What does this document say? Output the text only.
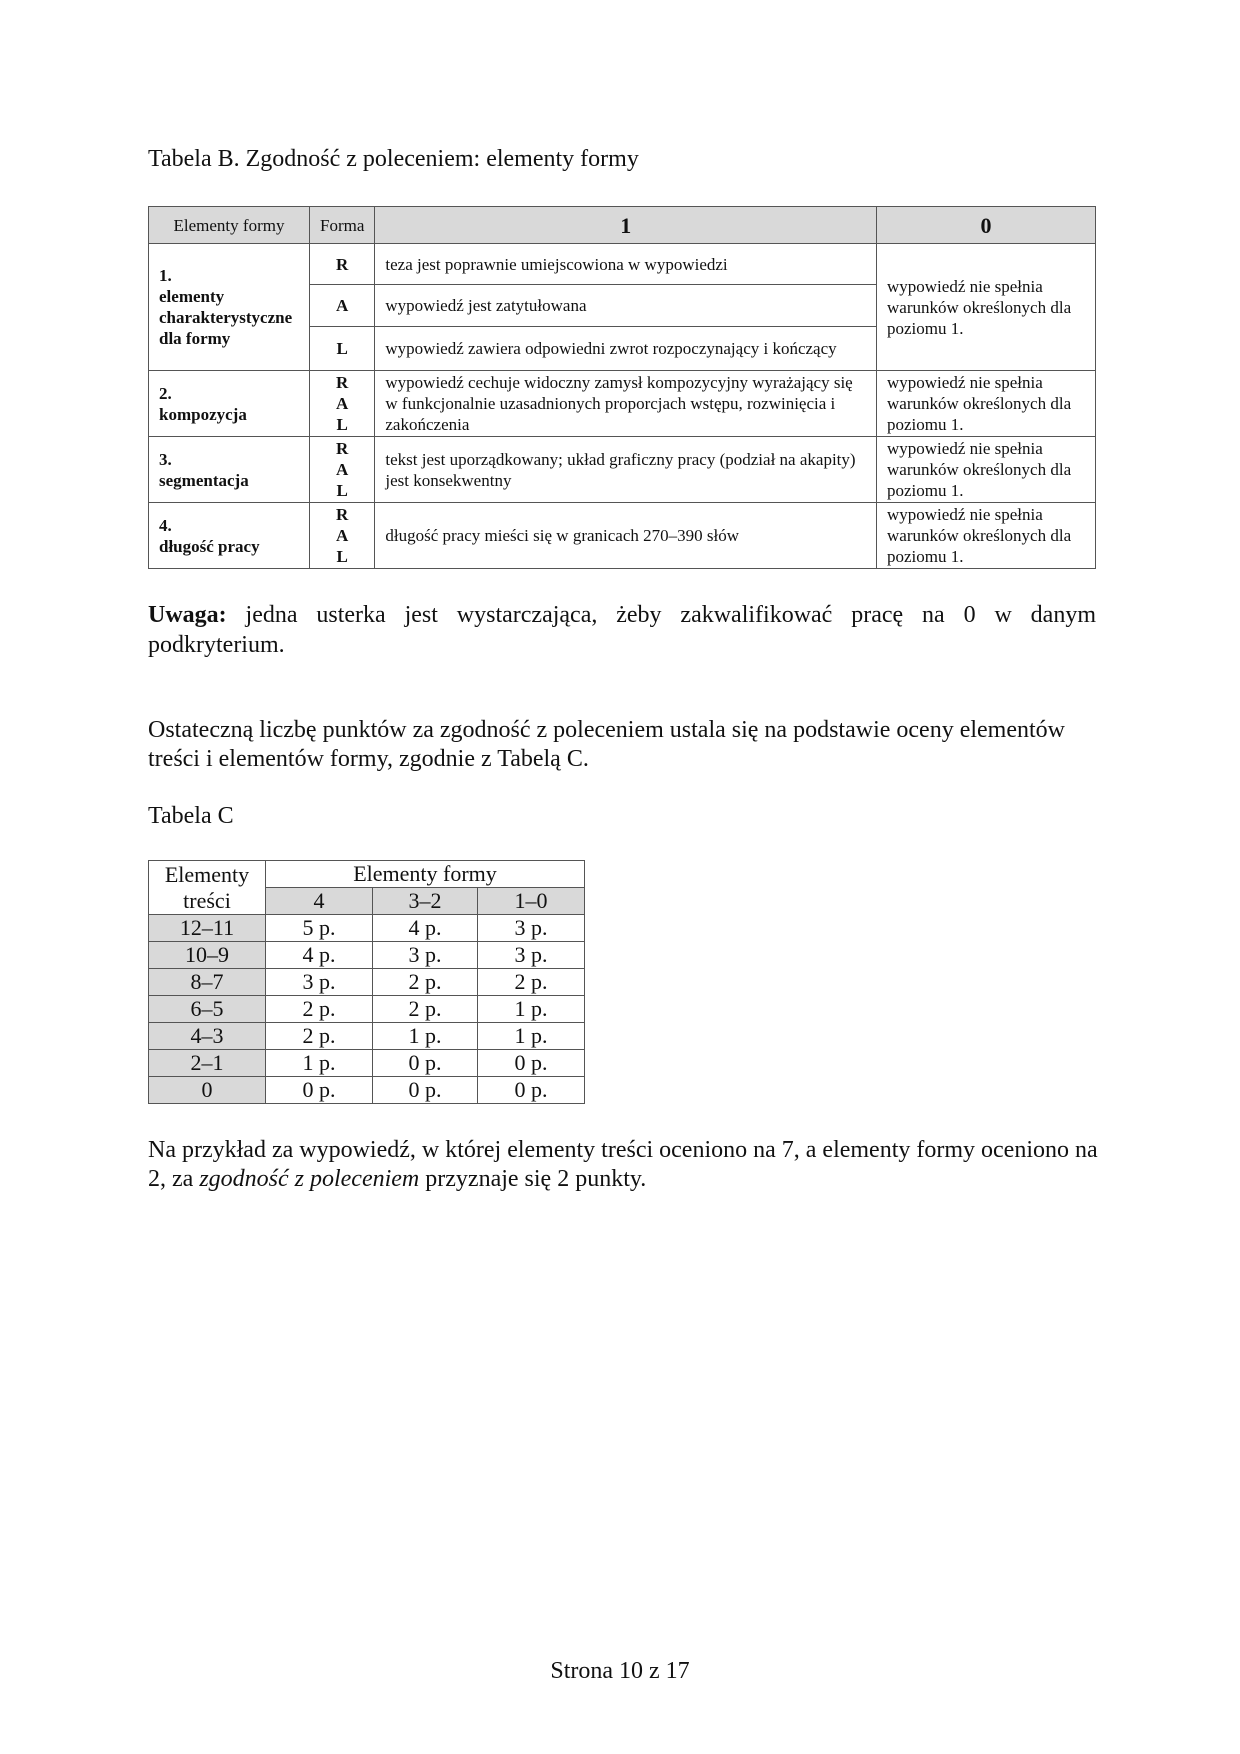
Tabela B. Zgodność z poleceniem: elementy formy
Elementy formy	Forma	1	0
1.
elementy
charakterystyczne
dla formy	R	teza jest poprawnie umiejscowiona w wypowiedzi	wypowiedź nie spełnia warunków określonych dla poziomu 1.
	A	wypowiedź jest zatytułowana	
	L	wypowiedź zawiera odpowiedni zwrot rozpoczynający i kończący	
2.
kompozycja	R
A
L	wypowiedź cechuje widoczny zamysł kompozycyjny wyrażający się w funkcjonalnie uzasadnionych proporcjach wstępu, rozwinięcia i zakończenia	wypowiedź nie spełnia warunków określonych dla poziomu 1.
3.
segmentacja	R
A
L	tekst jest uporządkowany; układ graficzny pracy (podział na akapity) jest konsekwentny	wypowiedź nie spełnia warunków określonych dla poziomu 1.
4.
długość pracy	R
A
L	długość pracy mieści się w granicach 270–390 słów	wypowiedź nie spełnia warunków określonych dla poziomu 1.
Uwaga: jedna usterka jest wystarczająca, żeby zakwalifikować pracę na 0 w danym podkryterium.
Ostateczną liczbę punktów za zgodność z poleceniem ustala się na podstawie oceny elementów treści i elementów formy, zgodnie z Tabelą C.
Tabela C
Elementy
treści	Elementy formy		
	4	3–2	1–0
12–11	5 p.	4 p.	3 p.
10–9	4 p.	3 p.	3 p.
8–7	3 p.	2 p.	2 p.
6–5	2 p.	2 p.	1 p.
4–3	2 p.	1 p.	1 p.
2–1	1 p.	0 p.	0 p.
0	0 p.	0 p.	0 p.
Na przykład za wypowiedź, w której elementy treści oceniono na 7, a elementy formy oceniono na 2, za zgodność z poleceniem przyznaje się 2 punkty.
Strona 10 z 17
